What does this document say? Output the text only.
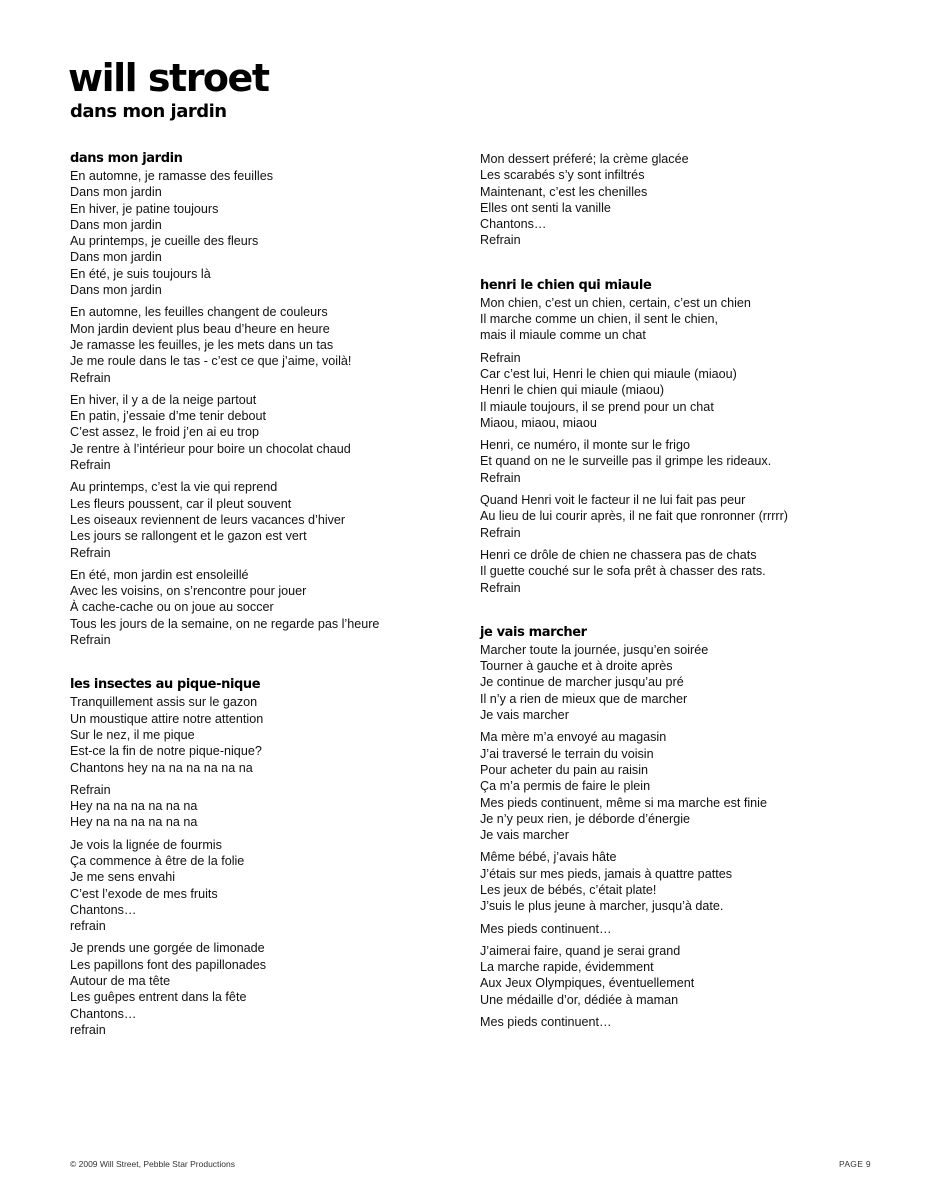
will stroet
dans mon jardin
dans mon jardin
En automne, je ramasse des feuilles
Dans mon jardin
En hiver, je patine toujours
Dans mon jardin
Au printemps, je cueille des fleurs
Dans mon jardin
En été, je suis toujours là
Dans mon jardin
En automne, les feuilles changent de couleurs
Mon jardin devient plus beau d’heure en heure
Je ramasse les feuilles, je les mets dans un tas
Je me roule dans le tas - c’est ce que j’aime, voilà!
Refrain
En hiver, il y a de la neige partout
En patin, j’essaie d’me tenir debout
C’est assez, le froid j’en ai eu trop
Je rentre à l’intérieur pour boire un chocolat chaud
Refrain
Au printemps, c’est la vie qui reprend
Les fleurs poussent, car il pleut souvent
Les oiseaux reviennent de leurs vacances d’hiver
Les jours se rallongent et le gazon est vert
Refrain
En été, mon jardin est ensoleillé
Avec les voisins, on s’rencontre pour jouer
À cache-cache ou on joue au soccer
Tous les jours de la semaine, on ne regarde pas l’heure
Refrain
les insectes au pique-nique
Tranquillement assis sur le gazon
Un moustique attire notre attention
Sur le nez, il me pique
Est-ce la fin de notre pique-nique?
Chantons hey na na na na na na
Refrain
Hey na na na na na na
Hey na na na na na na
Je vois la lignée de fourmis
Ça commence à être de la folie
Je me sens envahi
C’est l’exode de mes fruits
Chantons…
refrain
Je prends une gorgée de limonade
Les papillons font des papillonades
Autour de ma tête
Les guêpes entrent dans la fête
Chantons…
refrain
Mon dessert préferé; la crème glacée
Les scarabés s’y sont infiltrés
Maintenant, c’est les chenilles
Elles ont senti la vanille
Chantons…
Refrain
henri le chien qui miaule
Mon chien, c’est un chien, certain, c’est un chien
Il marche comme un chien, il sent le chien,
mais il miaule comme un chat
Refrain
Car c’est lui, Henri le chien qui miaule (miaou)
Henri le chien qui miaule (miaou)
Il miaule toujours, il se prend pour un chat
Miaou, miaou, miaou
Henri, ce numéro, il monte sur le frigo
Et quand on ne le surveille pas il grimpe les rideaux.
Refrain
Quand Henri voit le facteur il ne lui fait pas peur
Au lieu de lui courir après, il ne fait que ronronner (rrrrr)
Refrain
Henri ce drôle de chien ne chassera pas de chats
Il guette couché sur le sofa prêt à chasser des rats.
Refrain
je vais marcher
Marcher toute la journée, jusqu’en soirée
Tourner à gauche et à droite après
Je continue de marcher jusqu’au pré
Il n’y a rien de mieux que de marcher
Je vais marcher
Ma mère m’a envoyé au magasin
J’ai traversé le terrain du voisin
Pour acheter du pain au raisin
Ça m’a permis de faire le plein
Mes pieds continuent, même si ma marche est finie
Je n’y peux rien, je déborde d’énergie
Je vais marcher
Même bébé, j’avais hâte
J’étais sur mes pieds, jamais à quattre pattes
Les jeux de bébés, c’était plate!
J’suis le plus jeune à marcher, jusqu’à date.
Mes pieds continuent…
J’aimerai faire, quand je serai grand
La marche rapide, évidemment
Aux Jeux Olympiques, éventuellement
Une médaille d’or, dédiée à maman
Mes pieds continuent…
© 2009 Will Street, Pebble Star Productions	PAGE 9
